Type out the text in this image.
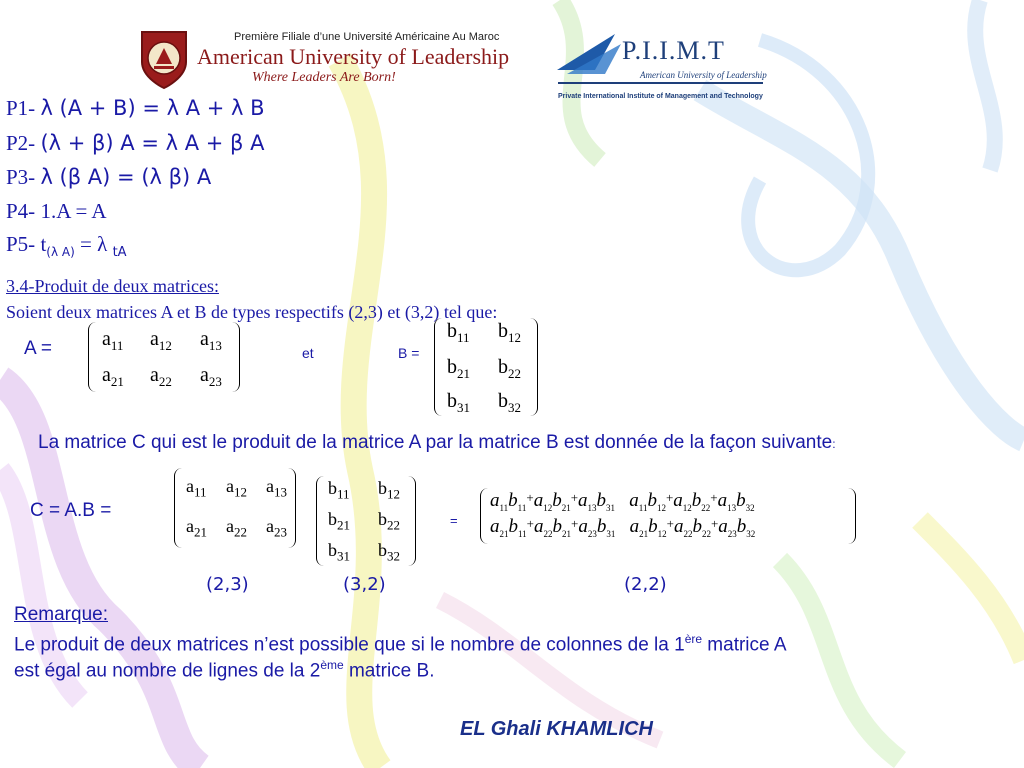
Première Filiale d’une Université Américaine Au Maroc
American University of Leadership
Where Leaders Are Born!
P.I.I.M.T
American University of Leadership
Private International Institute of Management and Technology
P1- λ (A + B) = λ A + λ B
P2- (λ + β) A = λ A + β A
P3- λ (β A) = (λ β) A
P4- 1.A = A
P5- $t_{(\lambda A)} = \lambda$ $_{tA}$
3.4-Produit de deux matrices:
Soient deux matrices A et B de types respectifs (2,3) et (3,2) tel que:
A =	$a_{11}$ $a_{12}$ $a_{13}$
$a_{21}$ $a_{22}$ $a_{23}$
et	B =
$b_{11}$ $b_{12}$
$b_{21}$ $b_{22}$
$b_{31}$ $b_{32}$
La matrice C qui est le produit de la matrice A par la matrice B est donnée de la façon suivante:
C = A.B =
$a_{11}$ $a_{12}$ $a_{13}$
$a_{21}$ $a_{22}$ $a_{23}$
$b_{11}$ $b_{12}$
$b_{21}$ $b_{22}$
$b_{31}$ $b_{32}$
=
$a_{11}b_{11}^+a_{12}b_{21}^+a_{13}b_{31}$   $a_{11}b_{12}^+a_{12}b_{22}^+a_{13}b_{32}$
$a_{21}b_{11}^+a_{22}b_{21}^+a_{23}b_{31}$   $a_{21}b_{12}^+a_{22}b_{22}^+a_{23}b_{32}$
(2,3)	(3,2)	(2,2)
Remarque:
Le produit de deux matrices n’est possible que si le nombre de colonnes de la 1ère matrice A
est égal au nombre de lignes de la 2ème matrice B.
EL Ghali KHAMLICH
